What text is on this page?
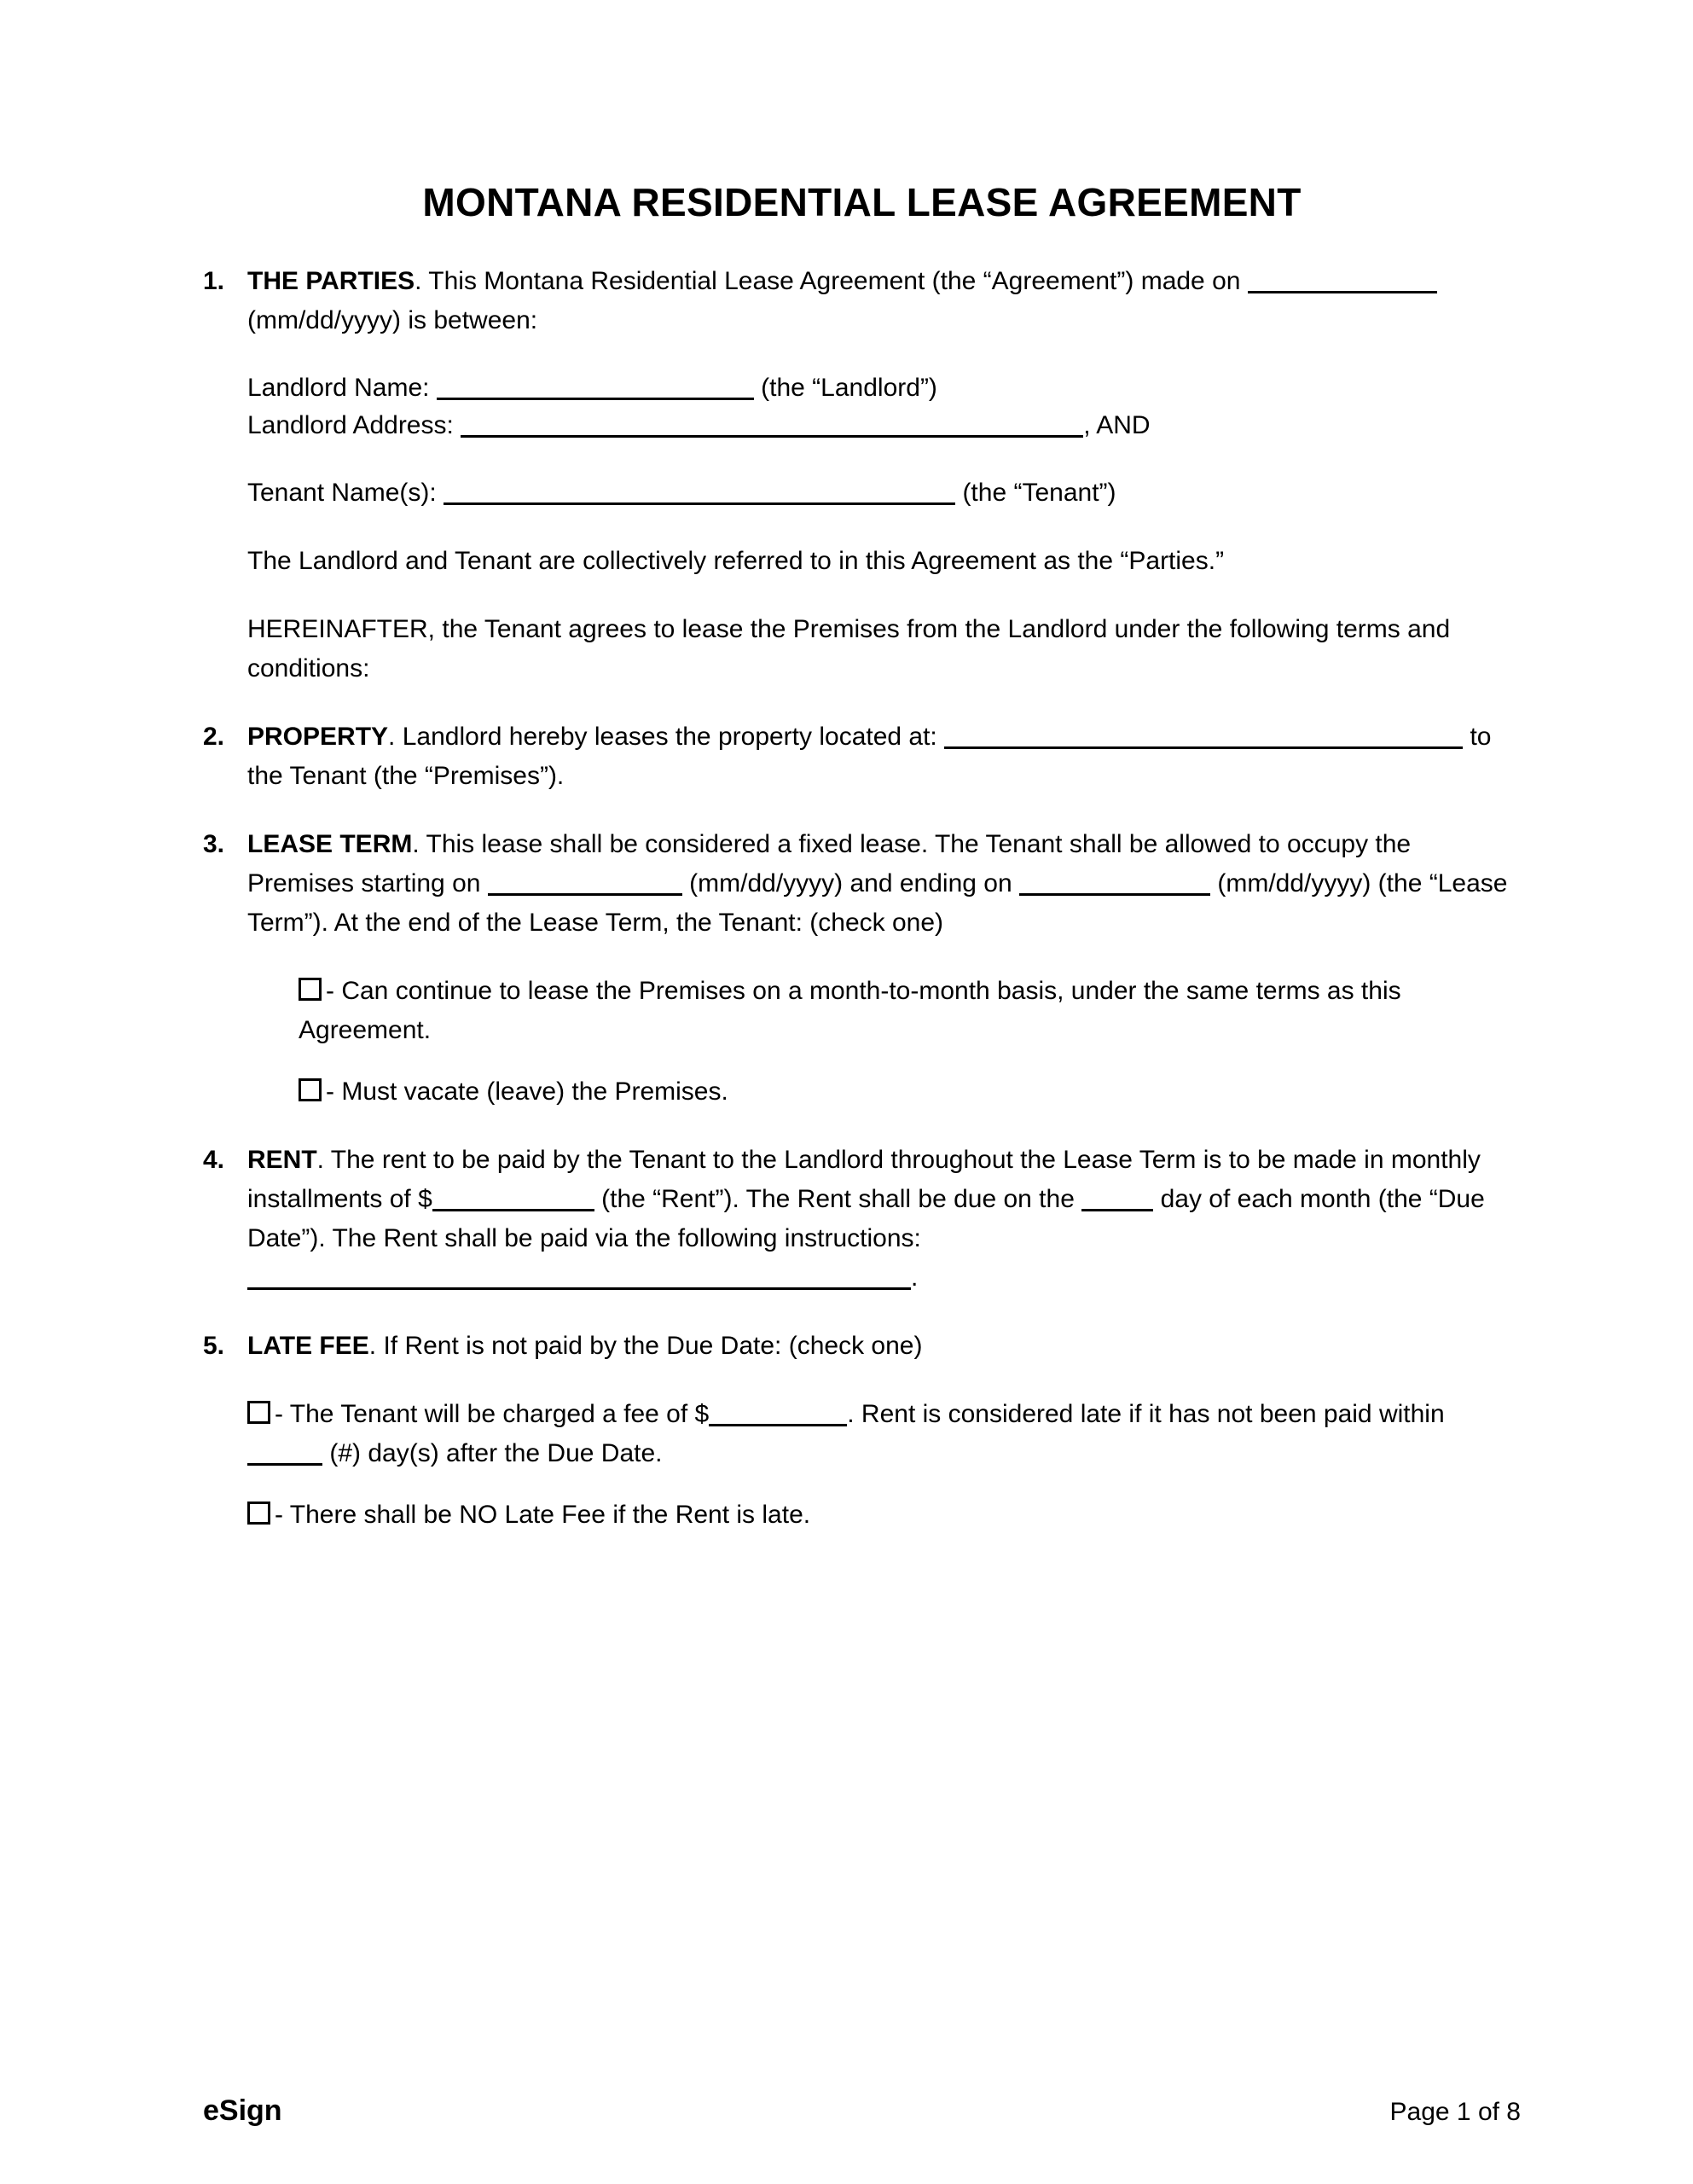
MONTANA RESIDENTIAL LEASE AGREEMENT
1. THE PARTIES. This Montana Residential Lease Agreement (the “Agreement”) made on  (mm/dd/yyyy) is between:
Landlord Name:	(the “Landlord”)
Landlord Address:	, AND
Tenant Name(s):	(the “Tenant”)
The Landlord and Tenant are collectively referred to in this Agreement as the “Parties.”
HEREINAFTER, the Tenant agrees to lease the Premises from the Landlord under the following terms and conditions:
2. PROPERTY. Landlord hereby leases the property located at:	to the Tenant (the “Premises”).
3. LEASE TERM. This lease shall be considered a fixed lease. The Tenant shall be allowed to occupy the Premises starting on	(mm/dd/yyyy) and ending on	(mm/dd/yyyy) (the “Lease Term”). At the end of the Lease Term, the Tenant: (check one)
- Can continue to lease the Premises on a month-to-month basis, under the same terms as this Agreement.
- Must vacate (leave) the Premises.
4. RENT. The rent to be paid by the Tenant to the Landlord throughout the Lease Term is to be made in monthly installments of $	(the “Rent”). The Rent shall be due on the	day of each month (the “Due Date”). The Rent shall be paid via the following instructions: .
5. LATE FEE. If Rent is not paid by the Due Date: (check one)
- The Tenant will be charged a fee of $	. Rent is considered late if it has not been paid within  (#) day(s) after the Due Date.
- There shall be NO Late Fee if the Rent is late.
eSign	Page 1 of 8
